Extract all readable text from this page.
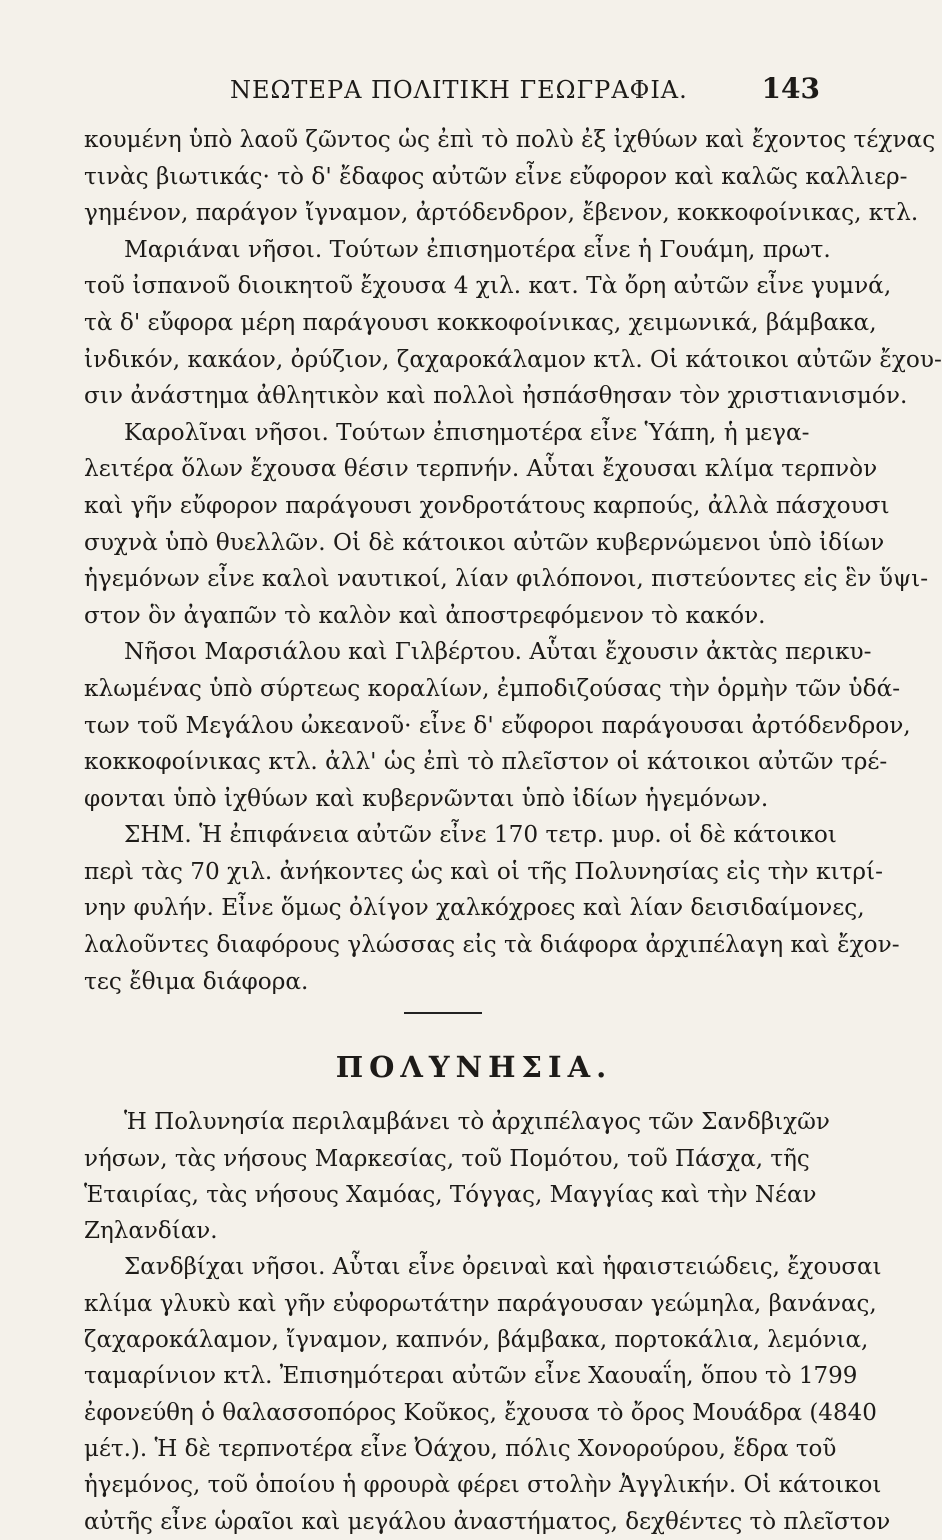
ΝΕΩΤΕΡΑ ΠΟΛΙΤΙΚΗ ΓΕΩΓΡΑΦΙΑ.	143
κουμένη ὑπὸ λαοῦ ζῶντος ὡς ἐπὶ τὸ πολὺ ἐξ ἰχθύων καὶ ἔχοντος τέχνας
τινὰς βιωτικάς· τὸ δ' ἔδαφος αὐτῶν εἶνε εὔφορον καὶ καλῶς καλλιερ-
γημένον, παράγον ἴγναμον, ἀρτόδενδρον, ἔβενον, κοκκοφοίνικας, κτλ.
Μαριάναι νῆσοι. Τούτων ἐπισημοτέρα εἶνε ἡ Γουάμη, πρωτ.
τοῦ ἰσπανοῦ διοικητοῦ ἔχουσα 4 χιλ. κατ. Τὰ ὄρη αὐτῶν εἶνε γυμνά,
τὰ δ' εὔφορα μέρη παράγουσι κοκκοφοίνικας, χειμωνικά, βάμβακα,
ἰνδικόν, κακάον, ὀρύζιον, ζαχαροκάλαμον κτλ. Οἱ κάτοικοι αὐτῶν ἔχου-
σιν ἀνάστημα ἀθλητικὸν καὶ πολλοὶ ἠσπάσθησαν τὸν χριστιανισμόν.
Καρολῖναι νῆσοι. Τούτων ἐπισημοτέρα εἶνε Ὑάπη, ἡ μεγα-
λειτέρα ὅλων ἔχουσα θέσιν τερπνήν. Αὗται ἔχουσαι κλίμα τερπνὸν
καὶ γῆν εὔφορον παράγουσι χονδροτάτους καρπούς, ἀλλὰ πάσχουσι
συχνὰ ὑπὸ θυελλῶν. Οἱ δὲ κάτοικοι αὐτῶν κυβερνώμενοι ὑπὸ ἰδίων
ἡγεμόνων εἶνε καλοὶ ναυτικοί, λίαν φιλόπονοι, πιστεύοντες εἰς ἓν ὕψι-
στον ὃν ἀγαπῶν τὸ καλὸν καὶ ἀποστρεφόμενον τὸ κακόν.
Νῆσοι Μαρσιάλου καὶ Γιλβέρτου. Αὗται ἔχουσιν ἀκτὰς περικυ-
κλωμένας ὑπὸ σύρτεως κοραλίων, ἐμποδιζούσας τὴν ὁρμὴν τῶν ὑδά-
των τοῦ Μεγάλου ὠκεανοῦ· εἶνε δ' εὔφοροι παράγουσαι ἀρτόδενδρον,
κοκκοφοίνικας κτλ. ἀλλ' ὡς ἐπὶ τὸ πλεῖστον οἱ κάτοικοι αὐτῶν τρέ-
φονται ὑπὸ ἰχθύων καὶ κυβερνῶνται ὑπὸ ἰδίων ἡγεμόνων.
ΣΗΜ. Ἡ ἐπιφάνεια αὐτῶν εἶνε 170 τετρ. μυρ. οἱ δὲ κάτοικοι
περὶ τὰς 70 χιλ. ἀνήκοντες ὡς καὶ οἱ τῆς Πολυνησίας εἰς τὴν κιτρί-
νην φυλήν. Εἶνε ὅμως ὀλίγον χαλκόχροες καὶ λίαν δεισιδαίμονες,
λαλοῦντες διαφόρους γλώσσας εἰς τὰ διάφορα ἀρχιπέλαγη καὶ ἔχον-
τες ἔθιμα διάφορα.
ΠΟΛΥΝΗΣΙΑ.
Ἡ Πολυνησία περιλαμβάνει τὸ ἀρχιπέλαγος τῶν Σανδβιχῶν
νήσων, τὰς νήσους Μαρκεσίας, τοῦ Πομότου, τοῦ Πάσχα, τῆς
Ἑταιρίας, τὰς νήσους Χαμόας, Τόγγας, Μαγγίας καὶ τὴν Νέαν
Ζηλανδίαν.
Σανδβίχαι νῆσοι. Αὗται εἶνε ὀρειναὶ καὶ ἡφαιστειώδεις, ἔχουσαι
κλίμα γλυκὺ καὶ γῆν εὐφορωτάτην παράγουσαν γεώμηλα, βανάνας,
ζαχαροκάλαμον, ἴγναμον, καπνόν, βάμβακα, πορτοκάλια, λεμόνια,
ταμαρίνιον κτλ. Ἐπισημότεραι αὐτῶν εἶνε Χαουαΐη, ὅπου τὸ 1799
ἐφονεύθη ὁ θαλασσοπόρος Κοῦκος, ἔχουσα τὸ ὄρος Μουάδρα (4840
μέτ.). Ἡ δὲ τερπνοτέρα εἶνε Ὀάχου, πόλις Χονορούρου, ἕδρα τοῦ
ἡγεμόνος, τοῦ ὁποίου ἡ φρουρὰ φέρει στολὴν Ἀγγλικήν. Οἱ κάτοικοι
αὐτῆς εἶνε ὡραῖοι καὶ μεγάλου ἀναστήματος, δεχθέντες τὸ πλεῖστον
